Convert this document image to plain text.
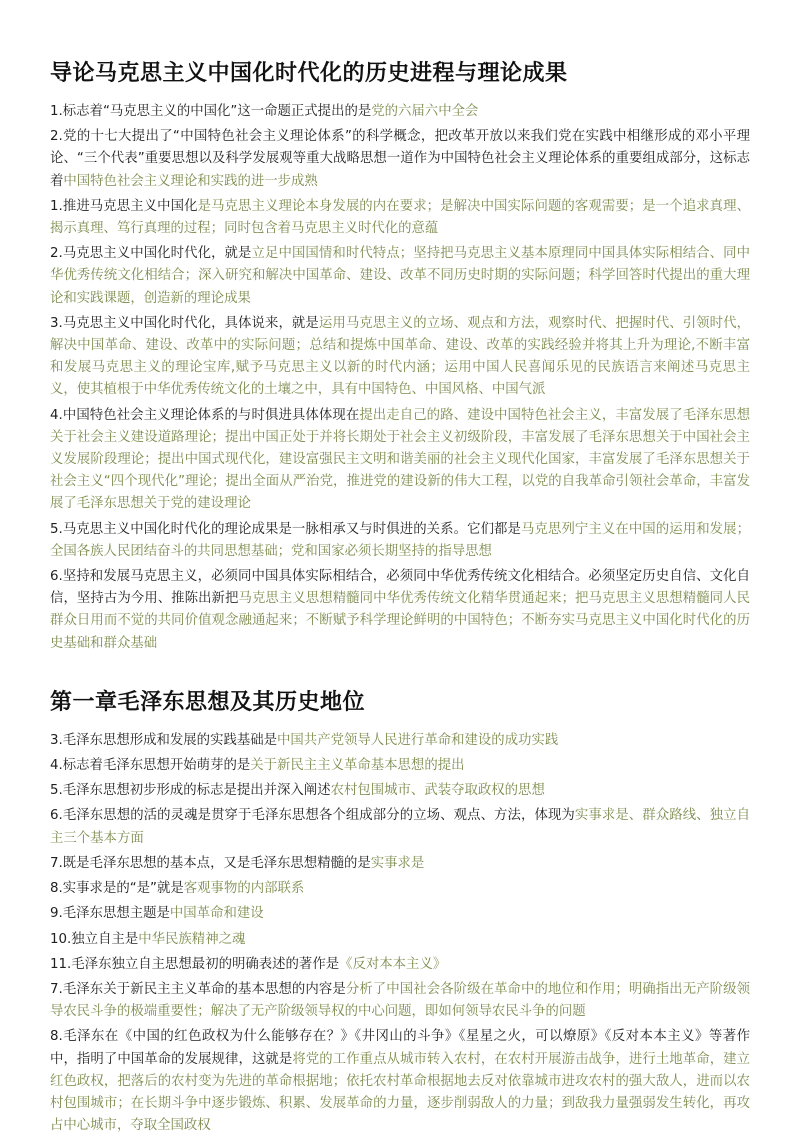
导论马克思主义中国化时代化的历史进程与理论成果

1.标志着“马克思主义的中国化”这一命题正式提出的是党的六届六中全会

2.党的十七大提出了“中国特色社会主义理论体系”的科学概念，把改革开放以来我们党在实践中相继形成的邓小平理论、“三个代表”重要思想以及科学发展观等重大战略思想一道作为中国特色社会主义理论体系的重要组成部分，这标志着中国特色社会主义理论和实践的进一步成熟

1.推进马克思主义中国化是马克思主义理论本身发展的内在要求；是解决中国实际问题的客观需要；是一个追求真理、揭示真理、笃行真理的过程；同时包含着马克思主义时代化的意蕴

2.马克思主义中国化时代化，就是立足中国国情和时代特点；坚持把马克思主义基本原理同中国具体实际相结合、同中华优秀传统文化相结合；深入研究和解决中国革命、建设、改革不同历史时期的实际问题；科学回答时代提出的重大理论和实践课题，创造新的理论成果

3.马克思主义中国化时代化，具体说来，就是运用马克思主义的立场、观点和方法，观察时代、把握时代、引领时代，解决中国革命、建设、改革中的实际问题；总结和提炼中国革命、建设、改革的实践经验并将其上升为理论,不断丰富和发展马克思主义的理论宝库,赋予马克思主义以新的时代内涵；运用中国人民喜闻乐见的民族语言来阐述马克思主义，使其植根于中华优秀传统文化的土壤之中，具有中国特色、中国风格、中国气派

4.中国特色社会主义理论体系的与时俱进具体体现在提出走自己的路、建设中国特色社会主义，丰富发展了毛泽东思想关于社会主义建设道路理论；提出中国正处于并将长期处于社会主义初级阶段，丰富发展了毛泽东思想关于中国社会主义发展阶段理论；提出中国式现代化，建设富强民主文明和谐美丽的社会主义现代化国家，丰富发展了毛泽东思想关于社会主义“四个现代化”理论；提出全面从严治党，推进党的建设新的伟大工程，以党的自我革命引领社会革命，丰富发展了毛泽东思想关于党的建设理论

5.马克思主义中国化时代化的理论成果是一脉相承又与时俱进的关系。它们都是马克思列宁主义在中国的运用和发展；全国各族人民团结奋斗的共同思想基础；党和国家必须长期坚持的指导思想

6.坚持和发展马克思主义，必须同中国具体实际相结合，必须同中华优秀传统文化相结合。必须坚定历史自信、文化自信，坚持古为今用、推陈出新把马克思主义思想精髓同中华优秀传统文化精华贯通起来；把马克思主义思想精髓同人民群众日用而不觉的共同价值观念融通起来；不断赋予科学理论鲜明的中国特色；不断夯实马克思主义中国化时代化的历史基础和群众基础

第一章毛泽东思想及其历史地位

3.毛泽东思想形成和发展的实践基础是中国共产党领导人民进行革命和建设的成功实践

4.标志着毛泽东思想开始萌芽的是关于新民主主义革命基本思想的提出

5.毛泽东思想初步形成的标志是提出并深入阐述农村包围城市、武装夺取政权的思想

6.毛泽东思想的活的灵魂是贯穿于毛泽东思想各个组成部分的立场、观点、方法，体现为实事求是、群众路线、独立自主三个基本方面

7.既是毛泽东思想的基本点，又是毛泽东思想精髓的是实事求是

8.实事求是的“是”就是客观事物的内部联系

9.毛泽东思想主题是中国革命和建设

10.独立自主是中华民族精神之魂

11.毛泽东独立自主思想最初的明确表述的著作是《反对本本主义》

7.毛泽东关于新民主主义革命的基本思想的内容是分析了中国社会各阶级在革命中的地位和作用；明确指出无产阶级领导农民斗争的极端重要性；解决了无产阶级领导权的中心问题，即如何领导农民斗争的问题

8.毛泽东在《中国的红色政权为什么能够存在？》《井冈山的斗争》《星星之火，可以燎原》《反对本本主义》等著作中，指明了中国革命的发展规律，这就是将党的工作重点从城市转入农村，在农村开展游击战争，进行土地革命，建立红色政权，把落后的农村变为先进的革命根据地；依托农村革命根据地去反对依靠城市进攻农村的强大敌人，进而以农村包围城市；在长期斗争中逐步锻炼、积累、发展革命的力量，逐步削弱敌人的力量；到敌我力量强弱发生转化，再攻占中心城市，夺取全国政权
